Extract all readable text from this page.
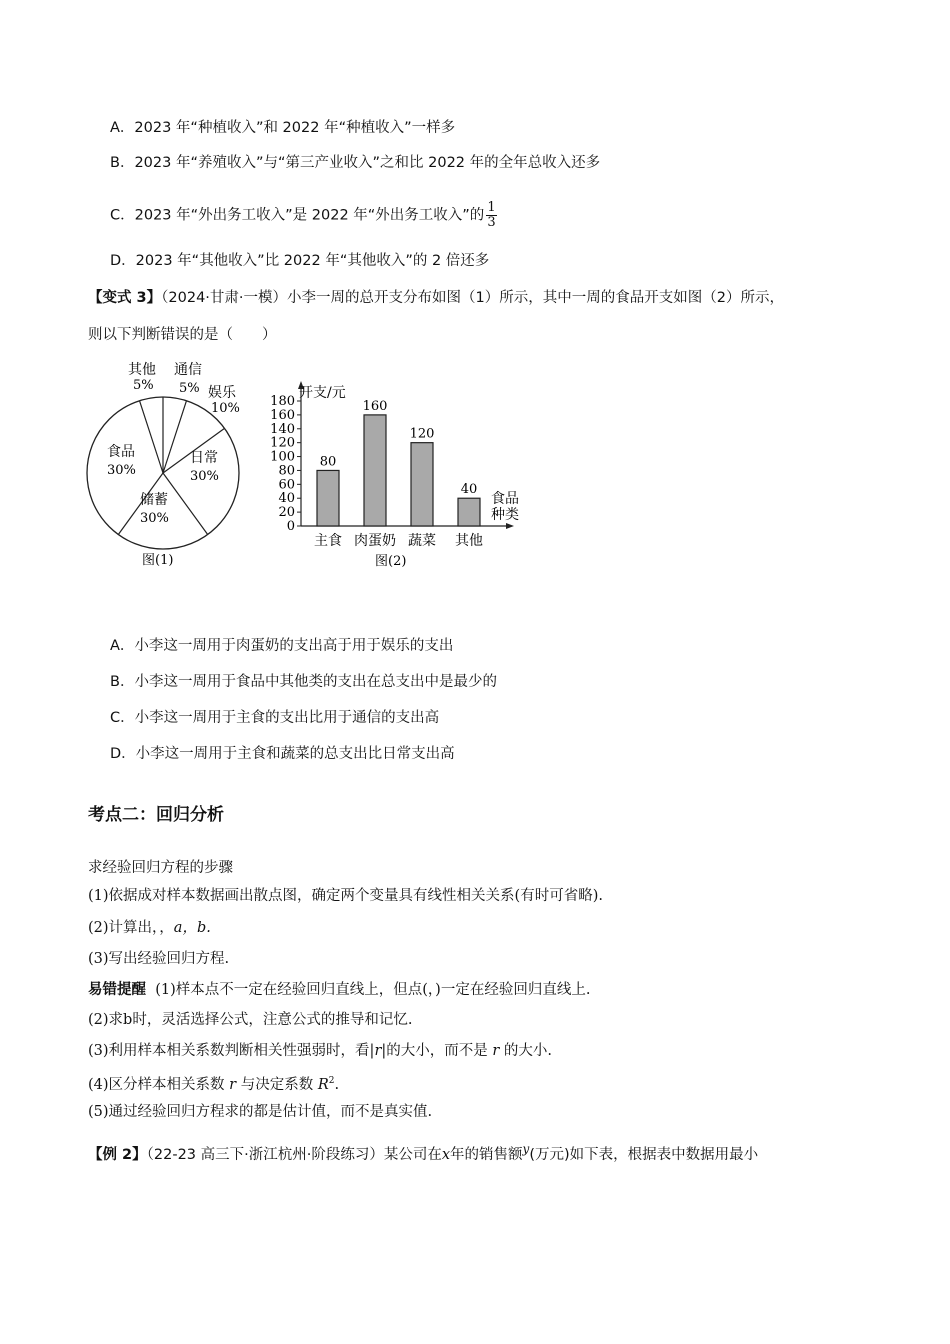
A．2023 年“种植收入”和 2022 年“种植收入”一样多
B．2023 年“养殖收入”与“第三产业收入”之和比 2022 年的全年总收入还多
C．2023 年“外出务工收入”是 2022 年“外出务工收入”的 $\frac{1}{3}$
D．2023 年“其他收入”比 2022 年“其他收入”的 2 倍还多
【变式 3】（2024·甘肃·一模）小李一周的总开支分布如图（1）所示，其中一周的食品开支如图（2）所示，
则以下判断错误的是（　　）
其他
5%
通信
5% 娱乐
10%
日常
30%
储蓄
30%
食品
30%
图(1)
0
20
40
60
80
100
120
140
160
180
80
主食
160
肉蛋奶
120
蔬菜
40
其他
开支/元
食品
种类
图(2)
A．小李这一周用于肉蛋奶的支出高于用于娱乐的支出
B．小李这一周用于食品中其他类的支出在总支出中是最少的
C．小李这一周用于主食的支出比用于通信的支出高
D．小李这一周用于主食和蔬菜的总支出比日常支出高
考点二：回归分析
求经验回归方程的步骤
(1)依据成对样本数据画出散点图，确定两个变量具有线性相关关系(有时可省略).
(2)计算出，，a，b.
(3)写出经验回归方程.
易错提醒 (1)样本点不一定在经验回归直线上，但点(，)一定在经验回归直线上.
(2)求b时，灵活选择公式，注意公式的推导和记忆.
(3)利用样本相关系数判断相关性强弱时，看|r|的大小，而不是 r 的大小.
(4)区分样本相关系数 r 与决定系数 $R^2$.
(5)通过经验回归方程求的都是估计值，而不是真实值.
【例 2】（22-23 高三下·浙江杭州·阶段练习）某公司在x年的销售额$^y$(万元)如下表，根据表中数据用最小
